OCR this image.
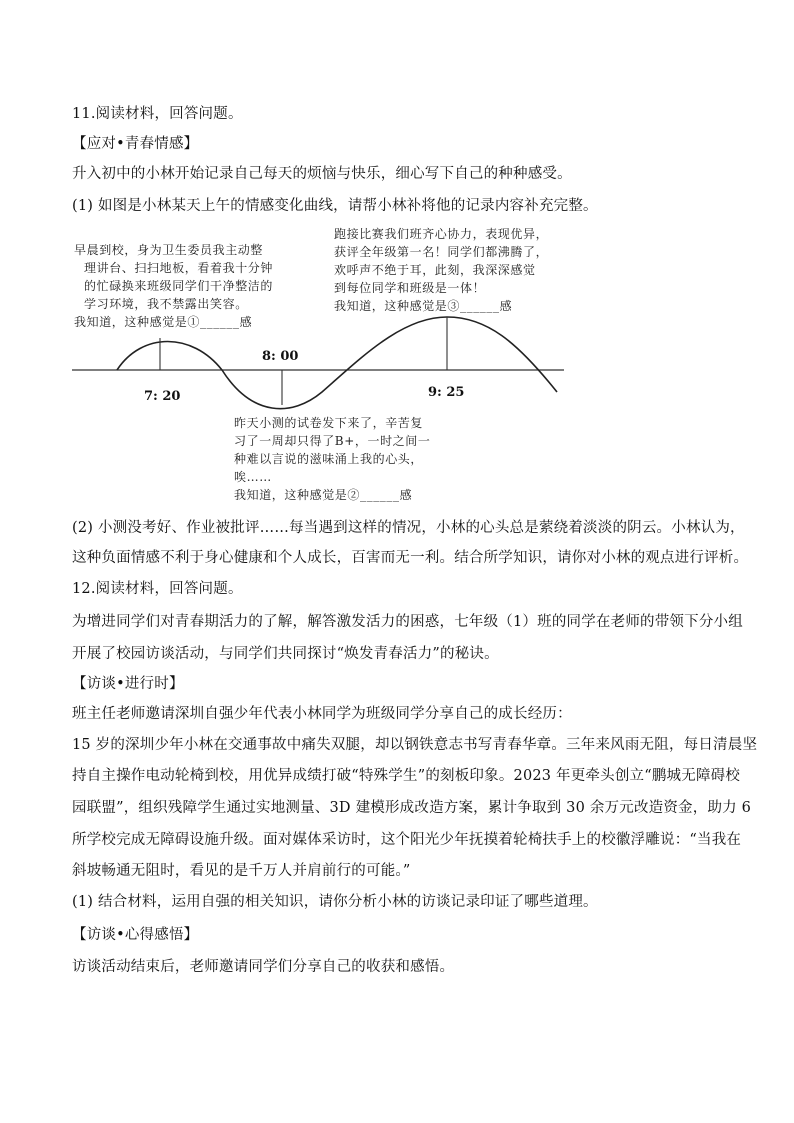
11.阅读材料，回答问题。
【应对•青春情感】
升入初中的小林开始记录自己每天的烦恼与快乐，细心写下自己的种种感受。
(1) 如图是小林某天上午的情感变化曲线，请帮小林补将他的记录内容补充完整。
7: 20
8: 00
9: 25
早晨到校，身为卫生委员我主动整
理讲台、扫扫地板，看着我十分钟
的忙碌换来班级同学们干净整洁的
学习环境，我不禁露出笑容。
我知道，这种感觉是①______感
跑接比赛我们班齐心协力，表现优异，
获评全年级第一名！同学们都沸腾了，
欢呼声不绝于耳，此刻，我深深感觉
到每位同学和班级是一体！
我知道，这种感觉是③______感
昨天小测的试卷发下来了，辛苦复
习了一周却只得了B+，一时之间一
种难以言说的滋味涌上我的心头，
唉……
我知道，这种感觉是②______感
(2) 小测没考好、作业被批评……每当遇到这样的情况，小林的心头总是萦绕着淡淡的阴云。小林认为，
这种负面情感不利于身心健康和个人成长，百害而无一利。结合所学知识，请你对小林的观点进行评析。
12.阅读材料，回答问题。
为增进同学们对青春期活力的了解，解答激发活力的困惑，七年级（1）班的同学在老师的带领下分小组
开展了校园访谈活动，与同学们共同探讨“焕发青春活力”的秘诀。
【访谈•进行时】
班主任老师邀请深圳自强少年代表小林同学为班级同学分享自己的成长经历：
15 岁的深圳少年小林在交通事故中痛失双腿，却以钢铁意志书写青春华章。三年来风雨无阻，每日清晨坚
持自主操作电动轮椅到校，用优异成绩打破“特殊学生”的刻板印象。2023 年更牵头创立“鹏城无障碍校
园联盟”，组织残障学生通过实地测量、3D 建模形成改造方案，累计争取到 30 余万元改造资金，助力 6
所学校完成无障碍设施升级。面对媒体采访时，这个阳光少年抚摸着轮椅扶手上的校徽浮雕说：“当我在
斜坡畅通无阻时，看见的是千万人并肩前行的可能。”
(1) 结合材料，运用自强的相关知识，请你分析小林的访谈记录印证了哪些道理。
【访谈•心得感悟】
访谈活动结束后，老师邀请同学们分享自己的收获和感悟。
